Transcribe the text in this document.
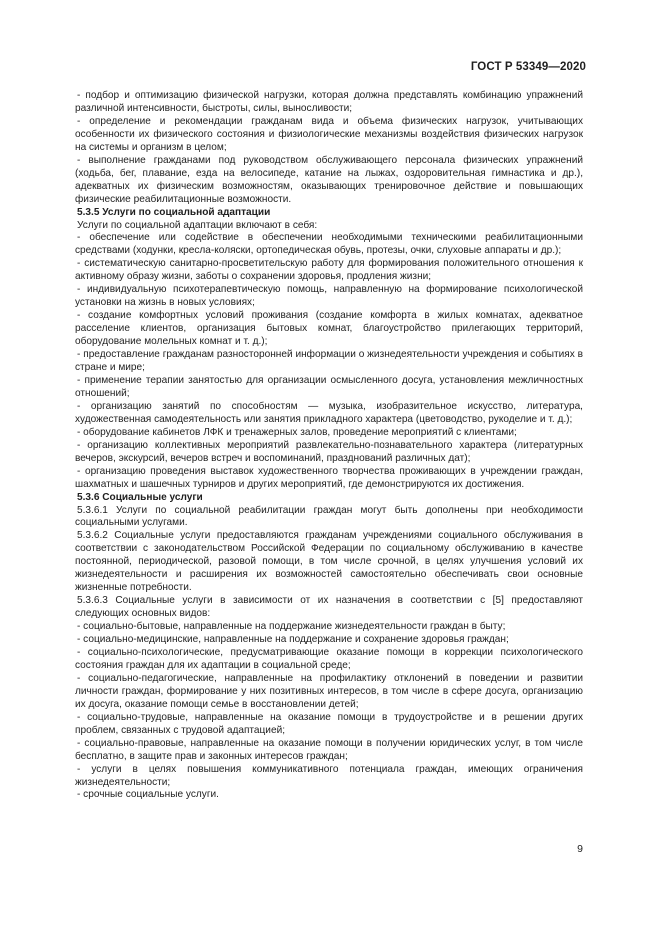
ГОСТ Р 53349—2020
- подбор и оптимизацию физической нагрузки, которая должна представлять комбинацию упражнений различной интенсивности, быстроты, силы, выносливости;
- определение и рекомендации гражданам вида и объема физических нагрузок, учитывающих особенности их физического состояния и физиологические механизмы воздействия физических нагрузок на системы и организм в целом;
- выполнение гражданами под руководством обслуживающего персонала физических упражнений (ходьба, бег, плавание, езда на велосипеде, катание на лыжах, оздоровительная гимнастика и др.), адекватных их физическим возможностям, оказывающих тренировочное действие и повышающих физические реабилитационные возможности.
5.3.5 Услуги по социальной адаптации
Услуги по социальной адаптации включают в себя:
- обеспечение или содействие в обеспечении необходимыми техническими реабилитационными средствами (ходунки, кресла-коляски, ортопедическая обувь, протезы, очки, слуховые аппараты и др.);
- систематическую санитарно-просветительскую работу для формирования положительного отношения к активному образу жизни, заботы о сохранении здоровья, продления жизни;
- индивидуальную психотерапевтическую помощь, направленную на формирование психологической установки на жизнь в новых условиях;
- создание комфортных условий проживания (создание комфорта в жилых комнатах, адекватное расселение клиентов, организация бытовых комнат, благоустройство прилегающих территорий, оборудование молельных комнат и т. д.);
- предоставление гражданам разносторонней информации о жизнедеятельности учреждения и событиях в стране и мире;
- применение терапии занятостью для организации осмысленного досуга, установления межличностных отношений;
- организацию занятий по способностям — музыка, изобразительное искусство, литература, художественная самодеятельность или занятия прикладного характера (цветоводство, рукоделие и т. д.);
- оборудование кабинетов ЛФК и тренажерных залов, проведение мероприятий с клиентами;
- организацию коллективных мероприятий развлекательно-познавательного характера (литературных вечеров, экскурсий, вечеров встреч и воспоминаний, празднований различных дат);
- организацию проведения выставок художественного творчества проживающих в учреждении граждан, шахматных и шашечных турниров и других мероприятий, где демонстрируются их достижения.
5.3.6 Социальные услуги
5.3.6.1 Услуги по социальной реабилитации граждан могут быть дополнены при необходимости социальными услугами.
5.3.6.2 Социальные услуги предоставляются гражданам учреждениями социального обслуживания в соответствии с законодательством Российской Федерации по социальному обслуживанию в качестве постоянной, периодической, разовой помощи, в том числе срочной, в целях улучшения условий их жизнедеятельности и расширения их возможностей самостоятельно обеспечивать свои основные жизненные потребности.
5.3.6.3 Социальные услуги в зависимости от их назначения в соответствии с [5] предоставляют следующих основных видов:
- социально-бытовые, направленные на поддержание жизнедеятельности граждан в быту;
- социально-медицинские, направленные на поддержание и сохранение здоровья граждан;
- социально-психологические, предусматривающие оказание помощи в коррекции психологического состояния граждан для их адаптации в социальной среде;
- социально-педагогические, направленные на профилактику отклонений в поведении и развитии личности граждан, формирование у них позитивных интересов, в том числе в сфере досуга, организацию их досуга, оказание помощи семье в восстановлении детей;
- социально-трудовые, направленные на оказание помощи в трудоустройстве и в решении других проблем, связанных с трудовой адаптацией;
- социально-правовые, направленные на оказание помощи в получении юридических услуг, в том числе бесплатно, в защите прав и законных интересов граждан;
- услуги в целях повышения коммуникативного потенциала граждан, имеющих ограничения жизнедеятельности;
- срочные социальные услуги.
9
